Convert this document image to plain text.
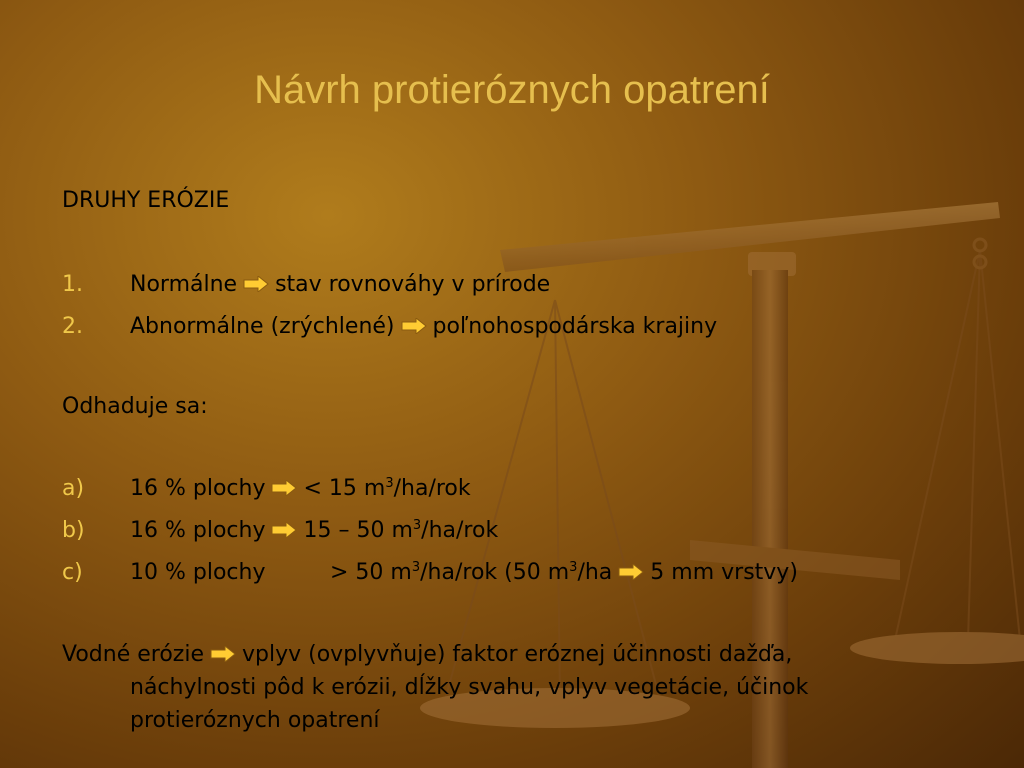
Návrh protieróznych opatrení
DRUHY ERÓZIE
1. Normálne stav rovnováhy v prírode
2. Abnormálne (zrýchlené) poľnohospodárska krajiny
Odhaduje sa:
a) 16 % plochy < 15 $m^3/ha$/rok
b) 16 % plochy 15 – 50 $m^3/ha$/rok
c) 10 % plochy	> 50 $m^3/ha$/rok (50 $m^3/ha$ 5 mm vrstvy)
Vodné erózie vplyv (ovplyvňuje) faktor eróznej účinnosti dažďa,
náchylnosti pôd k erózii, dĺžky svahu, vplyv vegetácie, účinok
protieróznych opatrení
